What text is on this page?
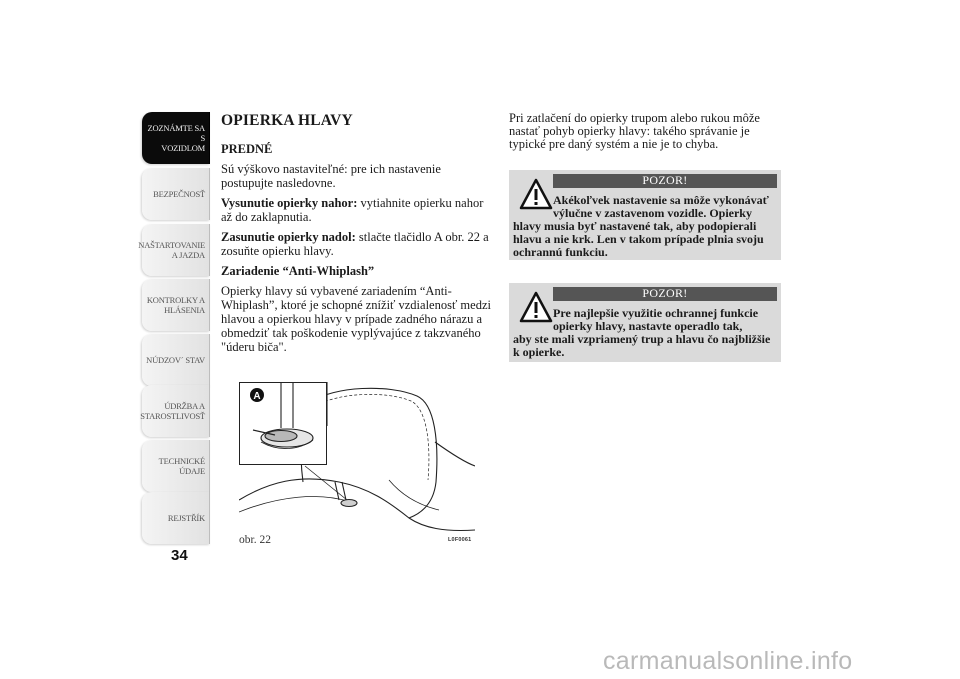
ZOZNÁMTE SA S
VOZIDLOM
BEZPEČNOSŤ
NAŠTARTOVANIE
A JAZDA
KONTROLKY A
HLÁSENIA
NÚDZOV´ STAV
ÚDRŽBA A
STAROSTLIVOSŤ
TECHNICKÉ
ÚDAJE
REJSTŘÍK
34
OPIERKA HLAVY
PREDNÉ
Sú výškovo nastaviteľné: pre ich nastavenie postupujte nasledovne.
Vysunutie opierky nahor: vytiahnite opierku nahor až do zaklapnutia.
Zasunutie opierky nadol: stlačte tlačidlo A obr. 22 a zosuňte opierku hlavy.
Zariadenie “Anti-Whiplash”
Opierky hlavy sú vybavené zariadením “Anti-Whiplash”, ktoré je schopné znížiť vzdialenosť medzi hlavou a opierkou hlavy v prípade zadného nárazu a obmedziť tak poškodenie vyplývajúce z takzvaného "úderu biča".
A
obr. 22	L0F0061
Pri zatlačení do opierky trupom alebo rukou môže nastať pohyb opierky hlavy: takého správanie je typické pre daný systém a nie je to chyba.
POZOR!
Akékoľvek nastavenie sa môže vykonávať výlučne v zastavenom vozidle. Opierky
hlavy musia byť nastavené tak, aby podopierali hlavu a nie krk. Len v takom prípade plnia svoju ochrannú funkciu.
POZOR!
Pre najlepšie využitie ochrannej funkcie opierky hlavy, nastavte operadlo tak,
aby ste mali vzpriamený trup a hlavu čo najbližšie k opierke.
carmanualsonline.info
